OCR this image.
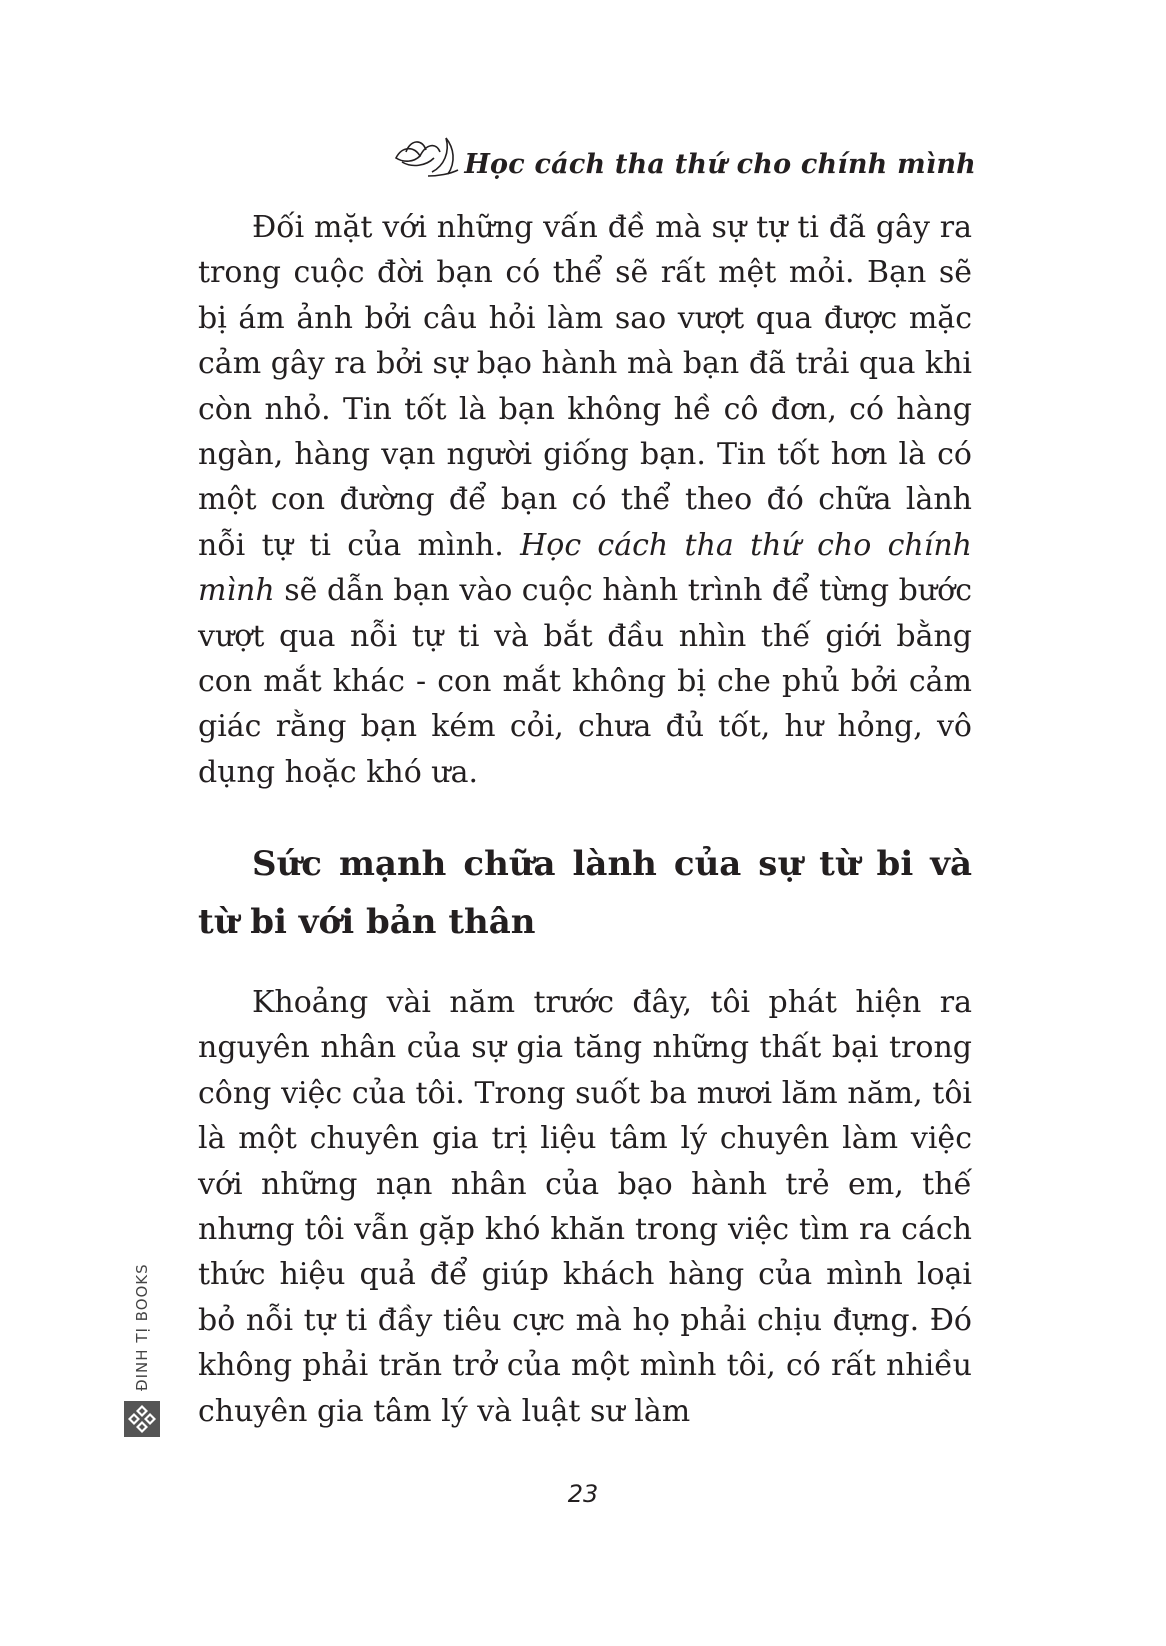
Học cách tha thứ cho chính mình

Đối mặt với những vấn đề mà sự tự ti đã gây ra trong cuộc đời bạn có thể sẽ rất mệt mỏi. Bạn sẽ bị ám ảnh bởi câu hỏi làm sao vượt qua được mặc cảm gây ra bởi sự bạo hành mà bạn đã trải qua khi còn nhỏ. Tin tốt là bạn không hề cô đơn, có hàng ngàn, hàng vạn người giống bạn. Tin tốt hơn là có một con đường để bạn có thể theo đó chữa lành nỗi tự ti của mình. Học cách tha thứ cho chính mình sẽ dẫn bạn vào cuộc hành trình để từng bước vượt qua nỗi tự ti và bắt đầu nhìn thế giới bằng con mắt khác - con mắt không bị che phủ bởi cảm giác rằng bạn kém cỏi, chưa đủ tốt, hư hỏng, vô dụng hoặc khó ưa.

Sức mạnh chữa lành của sự từ bi và từ bi với bản thân

Khoảng vài năm trước đây, tôi phát hiện ra nguyên nhân của sự gia tăng những thất bại trong công việc của tôi. Trong suốt ba mươi lăm năm, tôi là một chuyên gia trị liệu tâm lý chuyên làm việc với những nạn nhân của bạo hành trẻ em, thế nhưng tôi vẫn gặp khó khăn trong việc tìm ra cách thức hiệu quả để giúp khách hàng của mình loại bỏ nỗi tự ti đầy tiêu cực mà họ phải chịu đựng. Đó không phải trăn trở của một mình tôi, có rất nhiều chuyên gia tâm lý và luật sư làm

23
ĐINH TỊ BOOKS
